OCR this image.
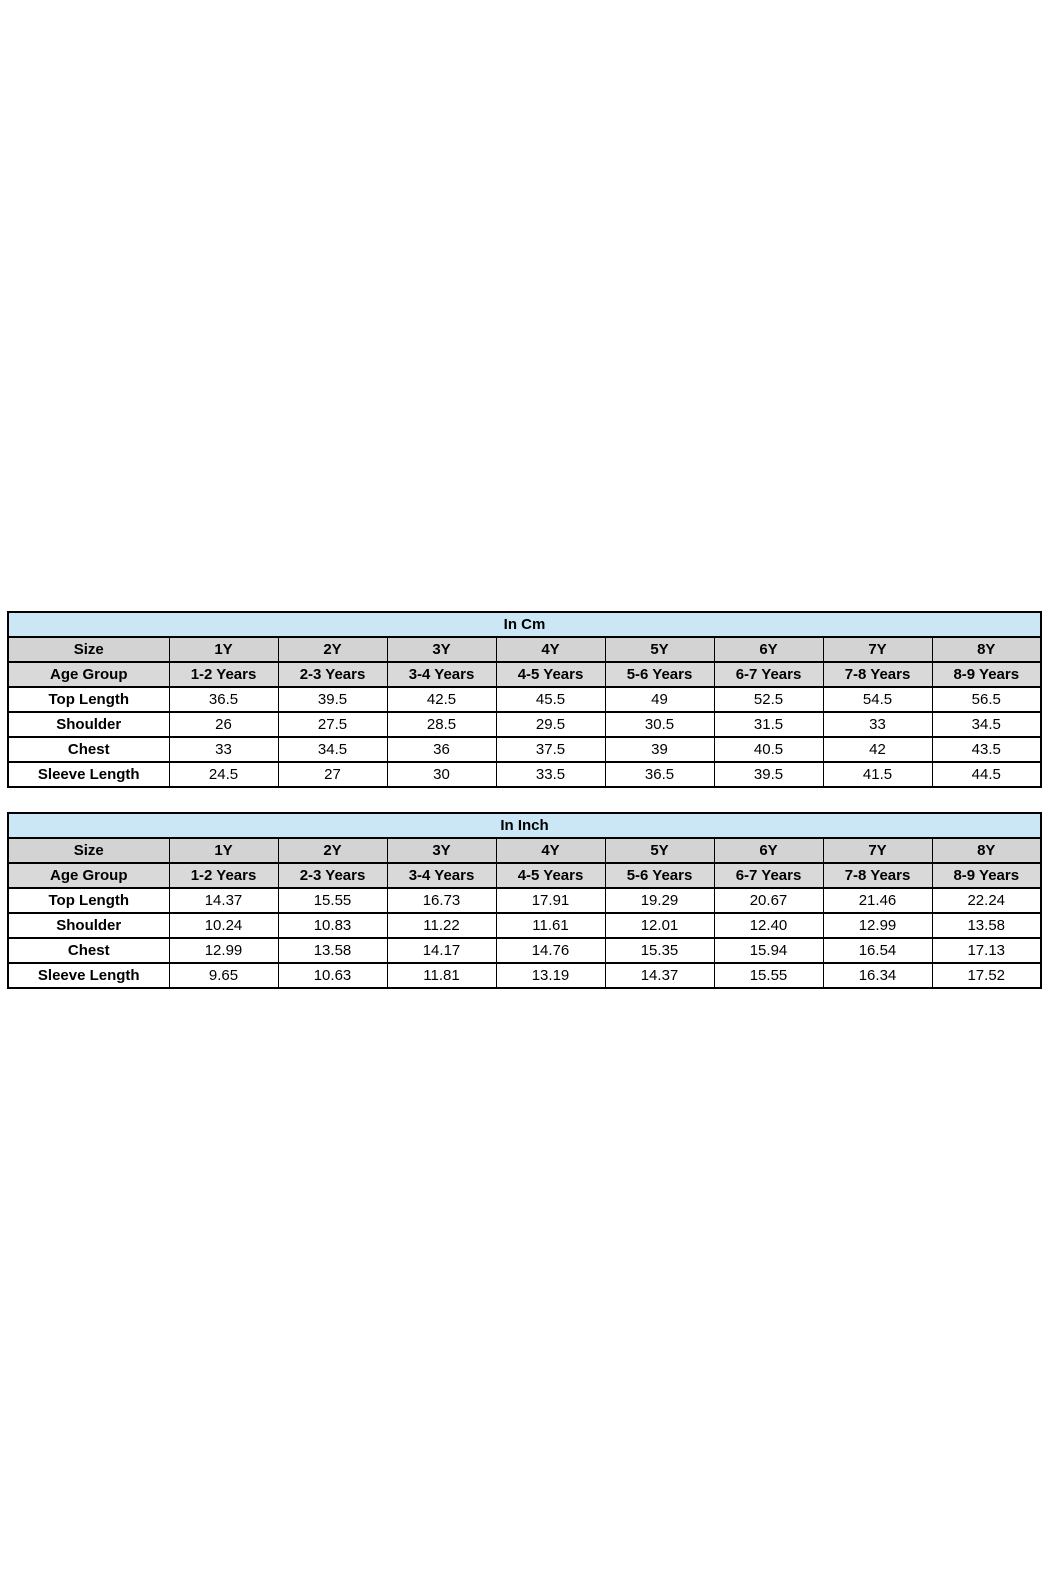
In Cm								
Size	1Y	2Y	3Y	4Y	5Y	6Y	7Y	8Y
Age Group	1-2 Years	2-3 Years	3-4 Years	4-5 Years	5-6 Years	6-7 Years	7-8 Years	8-9 Years
Top Length	36.5	39.5	42.5	45.5	49	52.5	54.5	56.5
Shoulder	26	27.5	28.5	29.5	30.5	31.5	33	34.5
Chest	33	34.5	36	37.5	39	40.5	42	43.5
Sleeve Length	24.5	27	30	33.5	36.5	39.5	41.5	44.5
In Inch								
Size	1Y	2Y	3Y	4Y	5Y	6Y	7Y	8Y
Age Group	1-2 Years	2-3 Years	3-4 Years	4-5 Years	5-6 Years	6-7 Years	7-8 Years	8-9 Years
Top Length	14.37	15.55	16.73	17.91	19.29	20.67	21.46	22.24
Shoulder	10.24	10.83	11.22	11.61	12.01	12.40	12.99	13.58
Chest	12.99	13.58	14.17	14.76	15.35	15.94	16.54	17.13
Sleeve Length	9.65	10.63	11.81	13.19	14.37	15.55	16.34	17.52
